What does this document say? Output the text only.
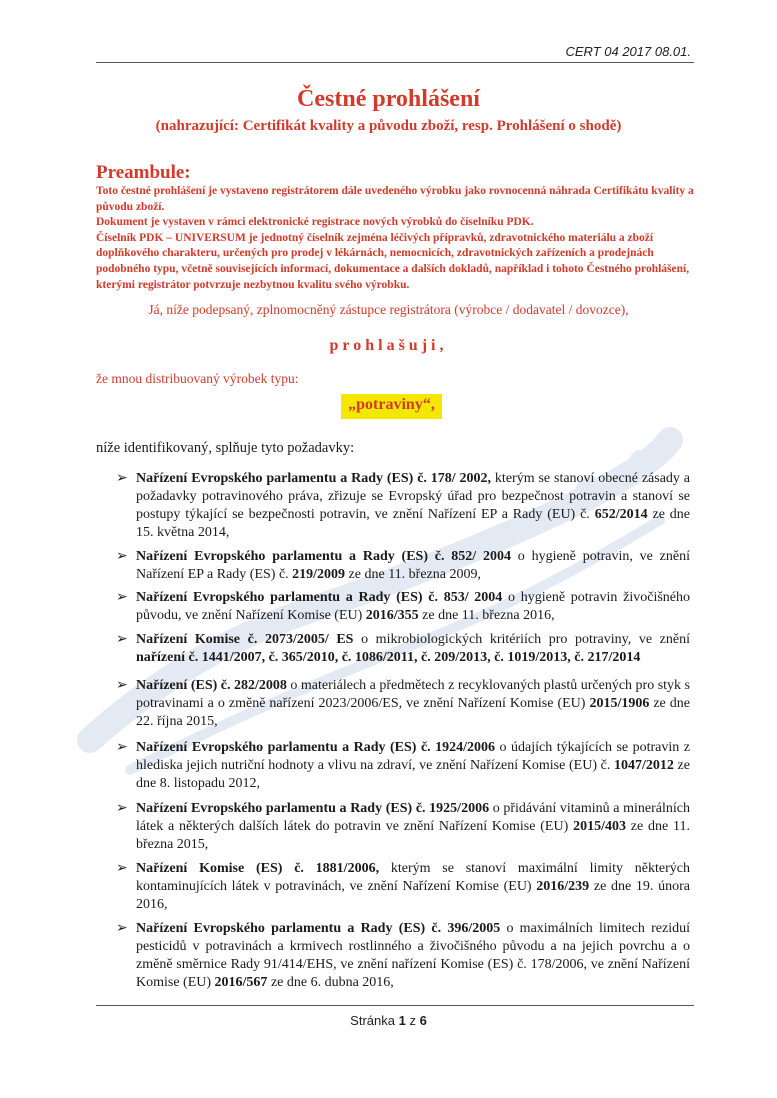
CERT 04 2017 08.01.
Čestné prohlášení
(nahrazující: Certifikát kvality a původu zboží, resp. Prohlášení o shodě)
Preambule:

Toto čestné prohlášení je vystaveno registrátorem dále uvedeného výrobku jako rovnocenná náhrada Certifikátu kvality a původu zboží.

Dokument je vystaven v rámci elektronické registrace nových výrobků do číselníku PDK.

Číselník PDK – UNIVERSUM je jednotný číselník zejména léčivých přípravků, zdravotnického materiálu a zboží doplňkového charakteru, určených pro prodej v lékárnách, nemocnicích, zdravotnických zařízeních a prodejnách podobného typu, včetně souvisejících informací, dokumentace a dalších dokladů, například i tohoto Čestného prohlášení, kterými registrátor potvrzuje nezbytnou kvalitu svého výrobku.

Já, níže podepsaný, zplnomocněný zástupce registrátora (výrobce / dodavatel / dovozce),
prohlašuji,
že mnou distribuovaný výrobek typu:
„potraviny“,
níže identifikovaný, splňuje tyto požadavky:
➢ Nařízení Evropského parlamentu a Rady (ES) č. 178/ 2002, kterým se stanoví obecné zásady a požadavky potravinového práva, zřizuje se Evropský úřad pro bezpečnost potravin a stanoví se postupy týkající se bezpečnosti potravin, ve znění Nařízení EP a Rady (EU) č. 652/2014 ze dne 15. května 2014,
➢ Nařízení Evropského parlamentu a Rady (ES) č. 852/ 2004 o hygieně potravin, ve znění Nařízení EP a Rady (ES) č. 219/2009 ze dne 11. března 2009,
➢ Nařízení Evropského parlamentu a Rady (ES) č. 853/ 2004 o hygieně potravin živočišného původu, ve znění Nařízení Komise (EU) 2016/355 ze dne 11. března 2016,
➢ Nařízení Komise č. 2073/2005/ ES o mikrobiologických kritériích pro potraviny, ve znění nařízení č. 1441/2007, č. 365/2010, č. 1086/2011, č. 209/2013, č. 1019/2013, č. 217/2014
➢ Nařízení (ES) č. 282/2008 o materiálech a předmětech z recyklovaných plastů určených pro styk s potravinami a o změně nařízení 2023/2006/ES, ve znění Nařízení Komise (EU) 2015/1906 ze dne 22. října 2015,
➢ Nařízení Evropského parlamentu a Rady (ES) č. 1924/2006 o údajích týkajících se potravin z hlediska jejich nutriční hodnoty a vlivu na zdraví, ve znění Nařízení Komise (EU) č. 1047/2012 ze dne 8. listopadu 2012,
➢ Nařízení Evropského parlamentu a Rady (ES) č. 1925/2006 o přidávání vitaminů a minerálních látek a některých dalších látek do potravin ve znění Nařízení Komise (EU) 2015/403 ze dne 11. března 2015,
➢ Nařízení Komise (ES) č. 1881/2006, kterým se stanoví maximální limity některých kontaminujících látek v potravinách, ve znění Nařízení Komise (EU) 2016/239 ze dne 19. února 2016,
➢ Nařízení Evropského parlamentu a Rady (ES) č. 396/2005 o maximálních limitech reziduí pesticidů v potravinách a krmivech rostlinného a živočišného původu a na jejich povrchu a o změně směrnice Rady 91/414/EHS, ve znění nařízení Komise (ES) č. 178/2006, ve znění Nařízení Komise (EU) 2016/567 ze dne 6. dubna 2016,
Stránka 1 z 6
